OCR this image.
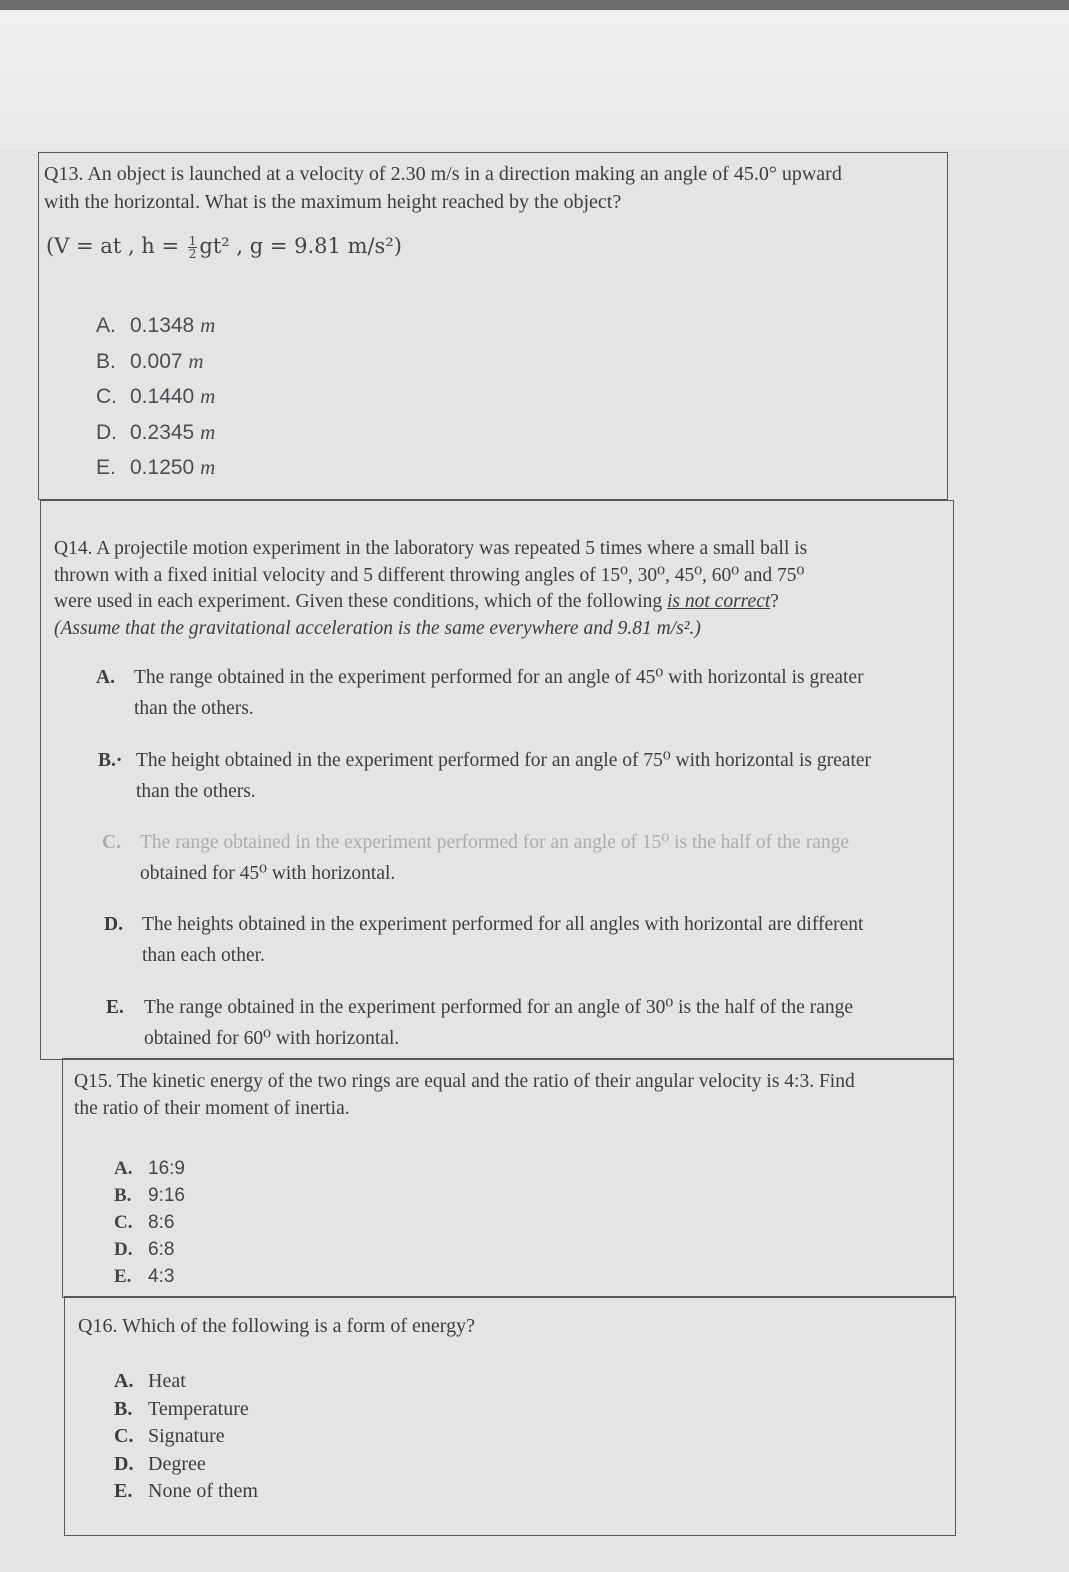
Q13. An object is launched at a velocity of 2.30 m/s in a direction making an angle of 45.0° upward
with the horizontal. What is the maximum height reached by the object?
(V = at , $h = \frac{1}{2} gt^2$ , g = 9.81 m/s²)
A. 0.1348 m
B. 0.007 m
C. 0.1440 m
D. 0.2345 m
E. 0.1250 m
Q14. A projectile motion experiment in the laboratory was repeated 5 times where a small ball is
thrown with a fixed initial velocity and 5 different throwing angles of 15⁰, 30⁰, 45⁰, 60⁰ and 75⁰
were used in each experiment. Given these conditions, which of the following is not correct?
(Assume that the gravitational acceleration is the same everywhere and 9.81 m/s².)
A. The range obtained in the experiment performed for an angle of 45⁰ with horizontal is greater
than the others.
B.· The height obtained in the experiment performed for an angle of 75⁰ with horizontal is greater
than the others.
C. The range obtained in the experiment performed for an angle of 15⁰ is the half of the range
obtained for 45⁰ with horizontal.
D. The heights obtained in the experiment performed for all angles with horizontal are different
than each other.
E. The range obtained in the experiment performed for an angle of 30⁰ is the half of the range
obtained for 60⁰ with horizontal.
Q15. The kinetic energy of the two rings are equal and the ratio of their angular velocity is 4:3. Find
the ratio of their moment of inertia.
A. 16:9
B. 9:16
C. 8:6
D. 6:8
E. 4:3
Q16. Which of the following is a form of energy?
A. Heat
B. Temperature
C. Signature
D. Degree
E. None of them
